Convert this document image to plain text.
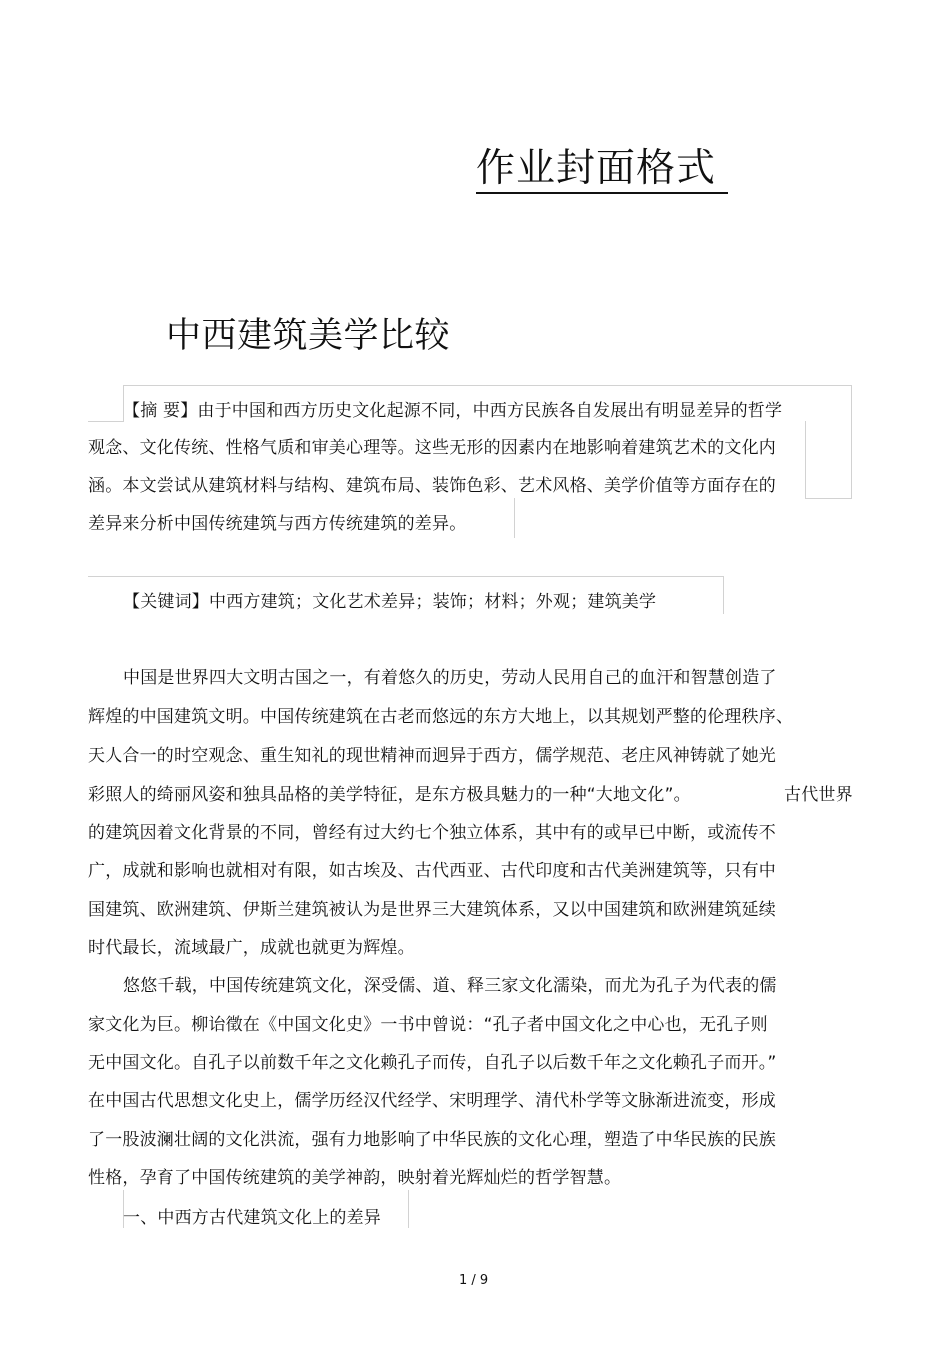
作业封面格式
中西建筑美学比较
【摘 要】由于中国和西方历史文化起源不同，中西方民族各自发展出有明显差异的哲学
观念、文化传统、性格气质和审美心理等。这些无形的因素内在地影响着建筑艺术的文化内
涵。本文尝试从建筑材料与结构、建筑布局、装饰色彩、艺术风格、美学价值等方面存在的
差异来分析中国传统建筑与西方传统建筑的差异。
【关键词】中西方建筑；文化艺术差异；装饰；材料；外观；建筑美学
中国是世界四大文明古国之一，有着悠久的历史，劳动人民用自己的血汗和智慧创造了
辉煌的中国建筑文明。中国传统建筑在古老而悠远的东方大地上，以其规划严整的伦理秩序、
天人合一的时空观念、重生知礼的现世精神而迥异于西方，儒学规范、老庄风神铸就了她光
彩照人的绮丽风姿和独具品格的美学特征，是东方极具魅力的一种“大地文化”。	古代世界
的建筑因着文化背景的不同，曾经有过大约七个独立体系，其中有的或早已中断，或流传不
广，成就和影响也就相对有限，如古埃及、古代西亚、古代印度和古代美洲建筑等，只有中
国建筑、欧洲建筑、伊斯兰建筑被认为是世界三大建筑体系，又以中国建筑和欧洲建筑延续
时代最长，流域最广，成就也就更为辉煌。
悠悠千载，中国传统建筑文化，深受儒、道、释三家文化濡染，而尤为孔子为代表的儒
家文化为巨。柳诒徵在《中国文化史》一书中曾说：“孔子者中国文化之中心也，无孔子则
无中国文化。自孔子以前数千年之文化赖孔子而传，自孔子以后数千年之文化赖孔子而开。”
在中国古代思想文化史上，儒学历经汉代经学、宋明理学、清代朴学等文脉渐进流变，形成
了一股波澜壮阔的文化洪流，强有力地影响了中华民族的文化心理，塑造了中华民族的民族
性格，孕育了中国传统建筑的美学神韵，映射着光辉灿烂的哲学智慧。
一、中西方古代建筑文化上的差异
1 / 9
